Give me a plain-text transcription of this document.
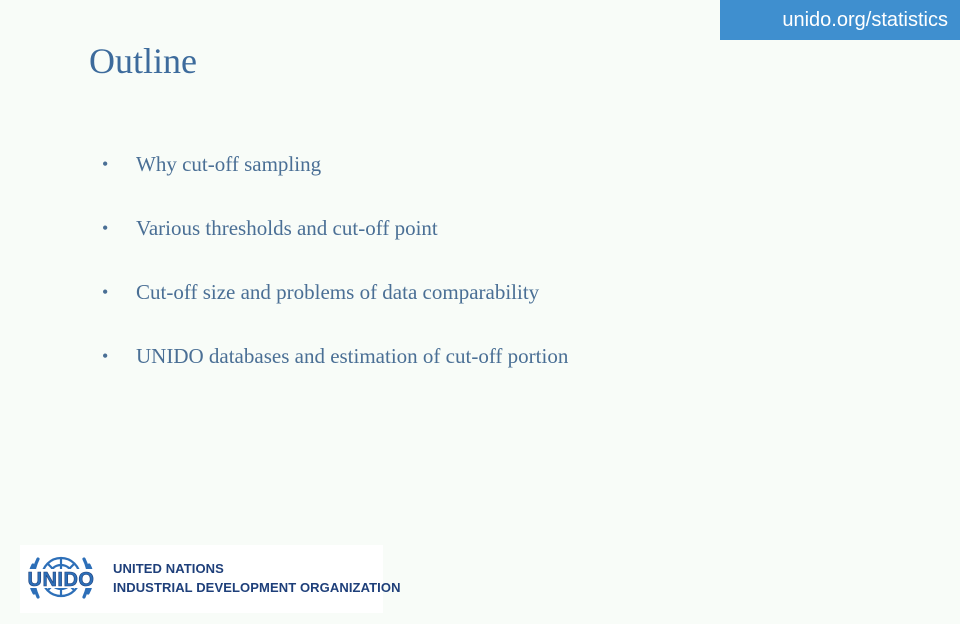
unido.org/statistics
Outline
• Why cut-off sampling
• Various thresholds and cut-off point
• Cut-off size and problems of data comparability
• UNIDO databases and estimation of cut-off portion
UNIDO
UNITED NATIONS
INDUSTRIAL DEVELOPMENT ORGANIZATION
